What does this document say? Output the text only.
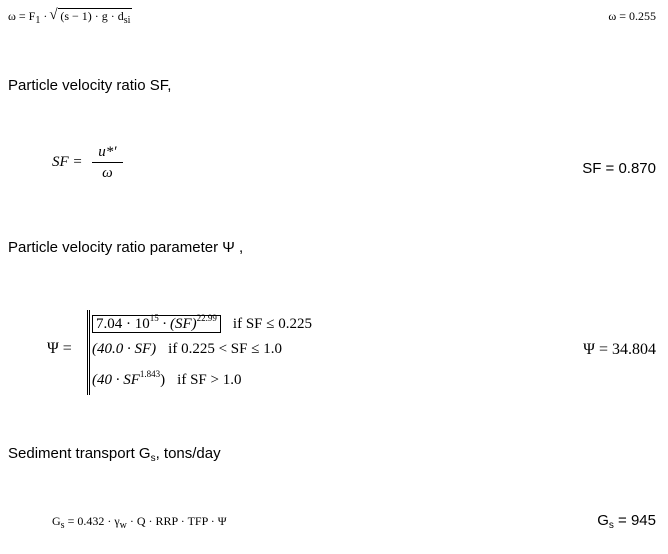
$\omega = F_1$ · √ $(s - 1) \cdot g \cdot d_{si}$	ω = 0.255
Particle velocity ratio SF,
SF = $\frac{u*'}{\omega}$	SF = 0.870
Particle velocity ratio parameter Ψ ,
Ψ =
$7.04 \cdot 10^{15} \cdot (SF)^{22.99}$ if SF ≤ 0.225
(40.0 · SF) if 0.225 < SF ≤ 1.0
$(40 \cdot SF^{1.843})$ if SF > 1.0
Ψ = 34.804
Sediment transport $G_s$, tons/day
$G_s = 0.432 \cdot \gamma_w \cdot Q$ · RRP · TFP · Ψ	$G_s = 945$
